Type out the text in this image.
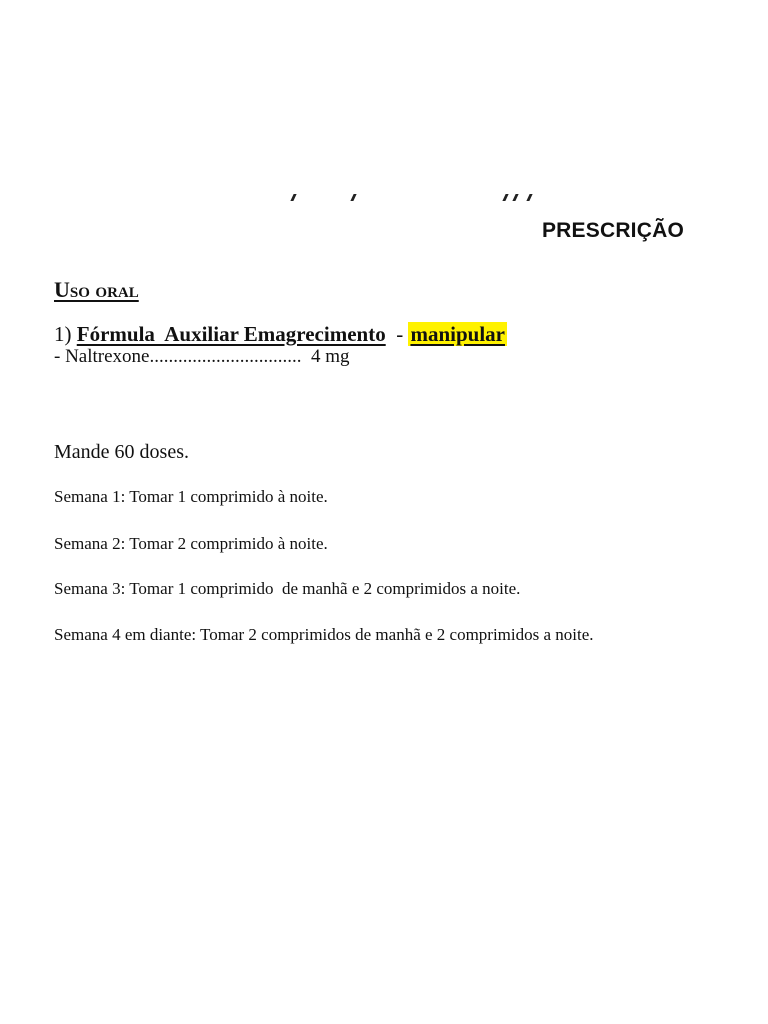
PRESCRIÇÃO
Uso oral
1) Fórmula  Auxiliar Emagrecimento - manipular
- Naltrexone................................ 4 mg
Mande 60 doses.
Semana 1: Tomar 1 comprimido à noite.
Semana 2: Tomar 2 comprimido à noite.
Semana 3: Tomar 1 comprimido  de manhã e 2 comprimidos a noite.
Semana 4 em diante: Tomar 2 comprimidos de manhã e 2 comprimidos a noite.
